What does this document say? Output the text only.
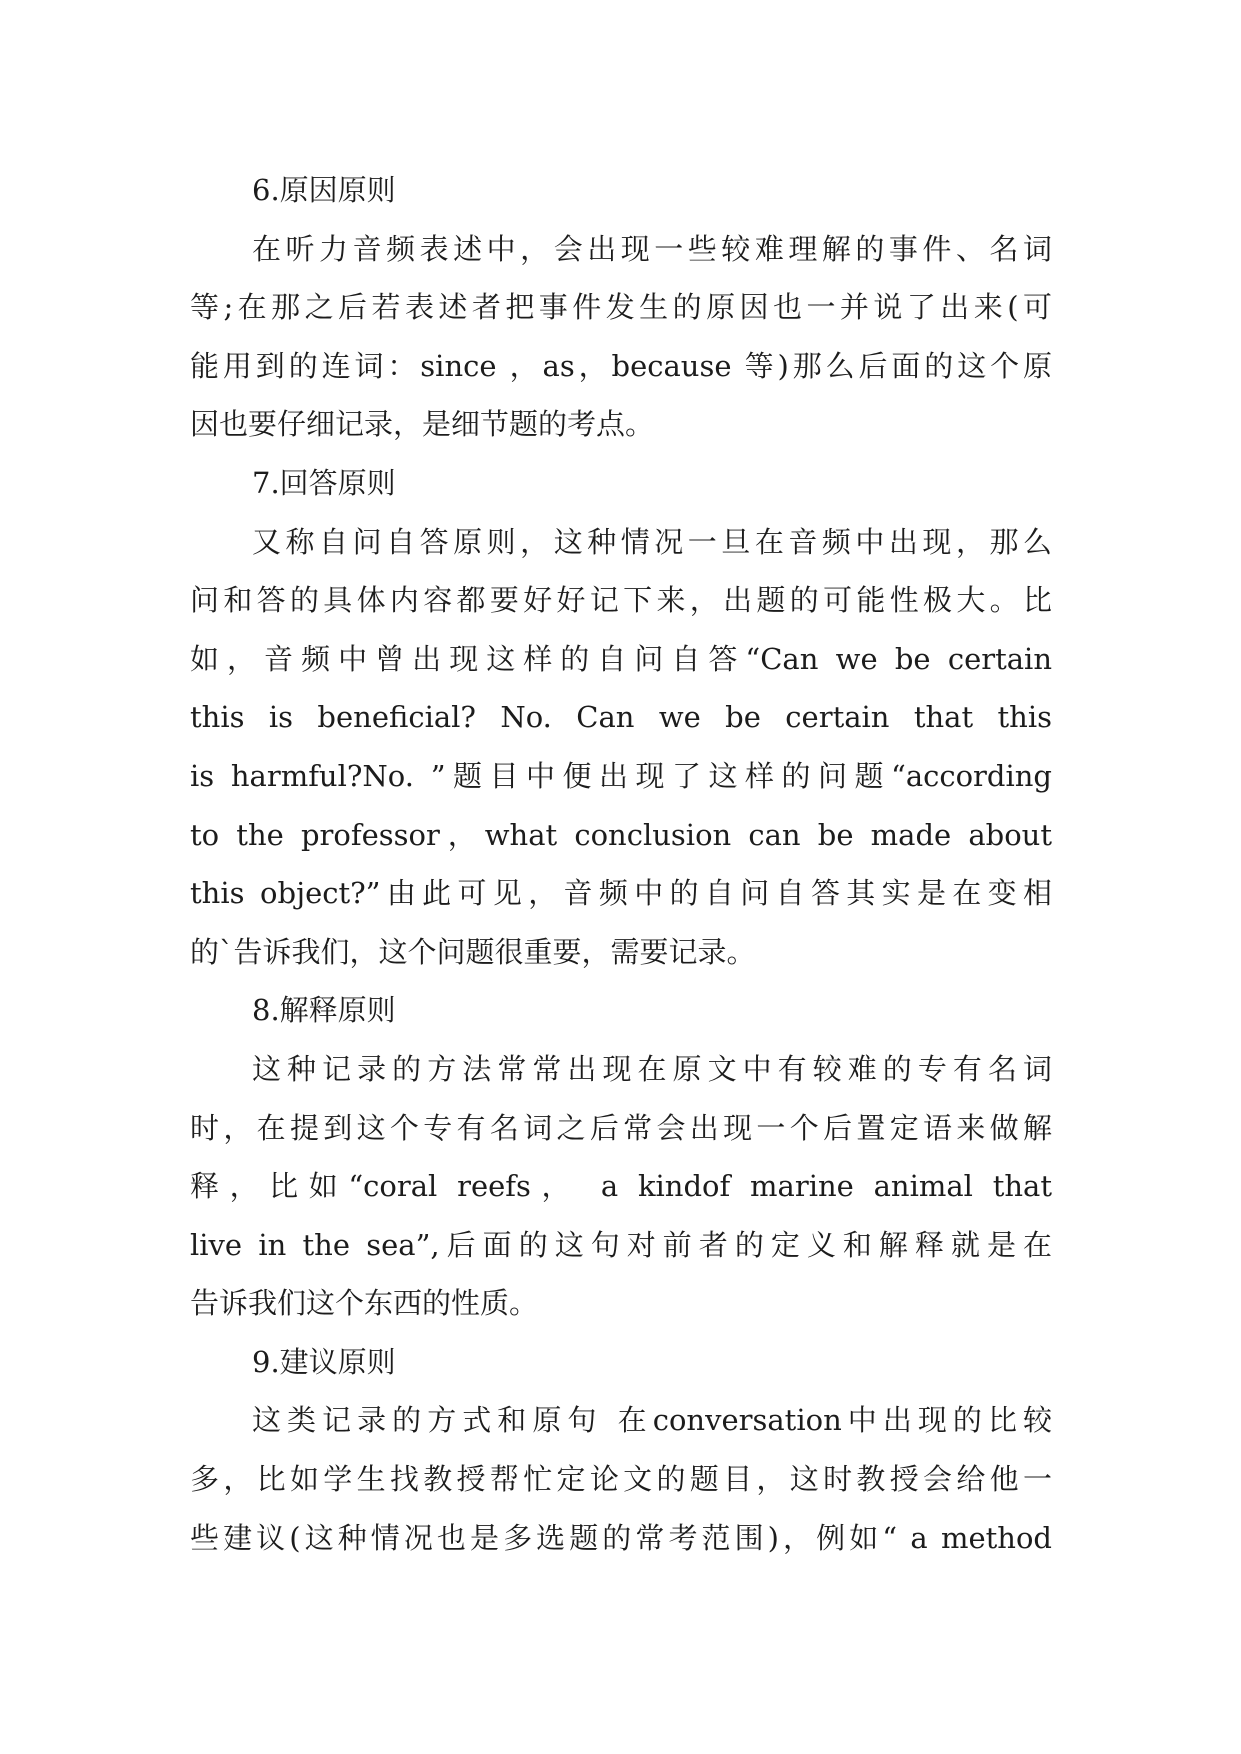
6.原因原则

在听力音频表述中，会出现一些较难理解的事件、名词
等;在那之后若表述者把事件发生的原因也一并说了出来(可
能用到的连词：since ，as，because 等)那么后面的这个原
因也要仔细记录，是细节题的考点。

7.回答原则

又称自问自答原则，这种情况一旦在音频中出现，那么
问和答的具体内容都要好好记下来，出题的可能性极大。比
如，音频中曾出现这样的自问自答“Can we be certain
this is beneficial? No. Can we be certain that this
is harmful?No. ”题目中便出现了这样的问题“according
to the professor，what conclusion can be made about
this object?”由此可见，音频中的自问自答其实是在变相
的`告诉我们，这个问题很重要，需要记录。

8.解释原则

这种记录的方法常常出现在原文中有较难的专有名词
时，在提到这个专有名词之后常会出现一个后置定语来做解
释，比如“coral reefs， a kindof marine animal that
live in the sea”,后面的这句对前者的定义和解释就是在
告诉我们这个东西的性质。

9.建议原则

这类记录的方式和原句 在conversation中出现的比较
多，比如学生找教授帮忙定论文的题目，这时教授会给他一
些建议(这种情况也是多选题的常考范围)，例如“ a method
